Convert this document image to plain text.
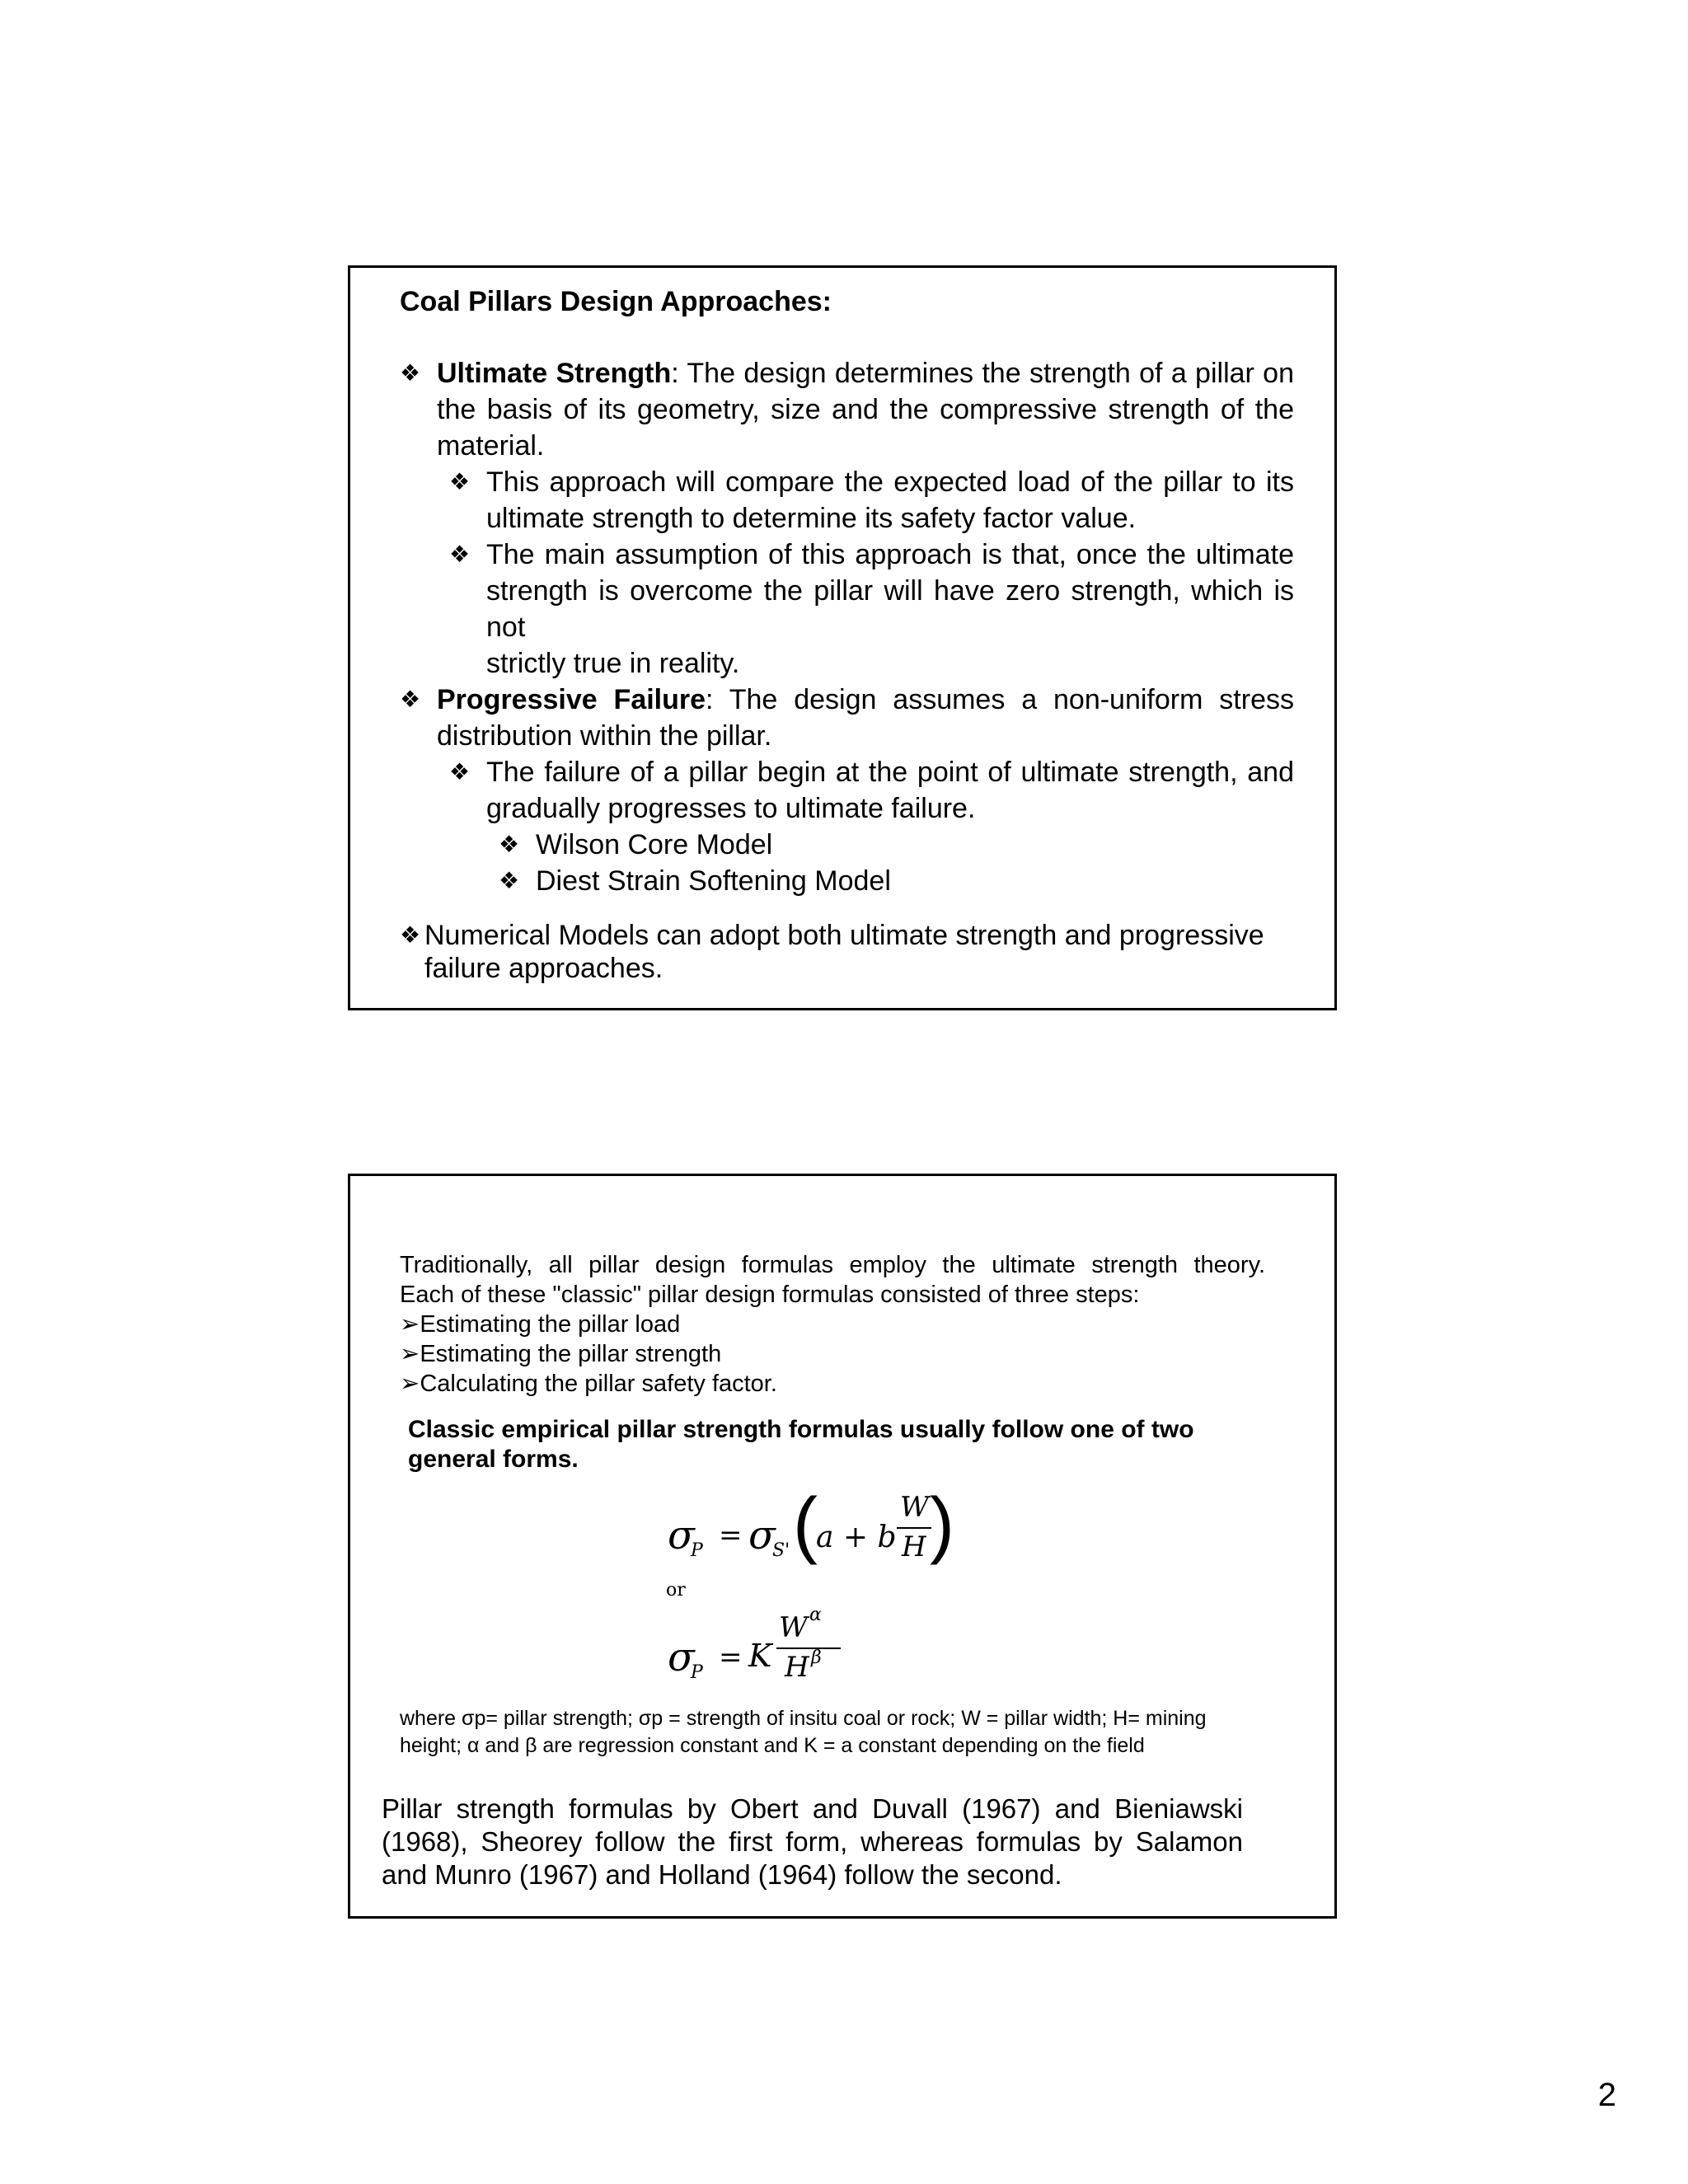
Coal Pillars Design Approaches:
❖ Ultimate Strength: The design determines the strength of a pillar on
the basis of its geometry, size and the compressive strength of the
material.
❖ This approach will compare the expected load of the pillar to its
ultimate strength to determine its safety factor value.
❖ The main assumption of this approach is that, once the ultimate
strength is overcome the pillar will have zero strength, which is not
strictly true in reality.
❖ Progressive Failure: The design assumes a non-uniform stress
distribution within the pillar.
❖ The failure of a pillar begin at the point of ultimate strength, and
gradually progresses to ultimate failure.
❖ Wilson Core Model
❖ Diest Strain Softening Model
❖ Numerical Models can adopt both ultimate strength and progressive
failure approaches.
Traditionally, all pillar design formulas employ the ultimate strength theory.
Each of these "classic" pillar design formulas consisted of three steps:
➢Estimating the pillar load
➢Estimating the pillar strength
➢Calculating the pillar safety factor.
Classic empirical pillar strength formulas usually follow one of two
general forms.
σ
P = σ
S' (
a + b
W
H )
or
σ
P = K
W α
H β
where σp= pillar strength; σp = strength of insitu coal or rock; W = pillar width; H= mining
height; α and β are regression constant and K = a constant depending on the field
Pillar strength formulas by Obert and Duvall (1967) and Bieniawski
(1968), Sheorey follow the first form, whereas formulas by Salamon
and Munro (1967) and Holland (1964) follow the second.
2
